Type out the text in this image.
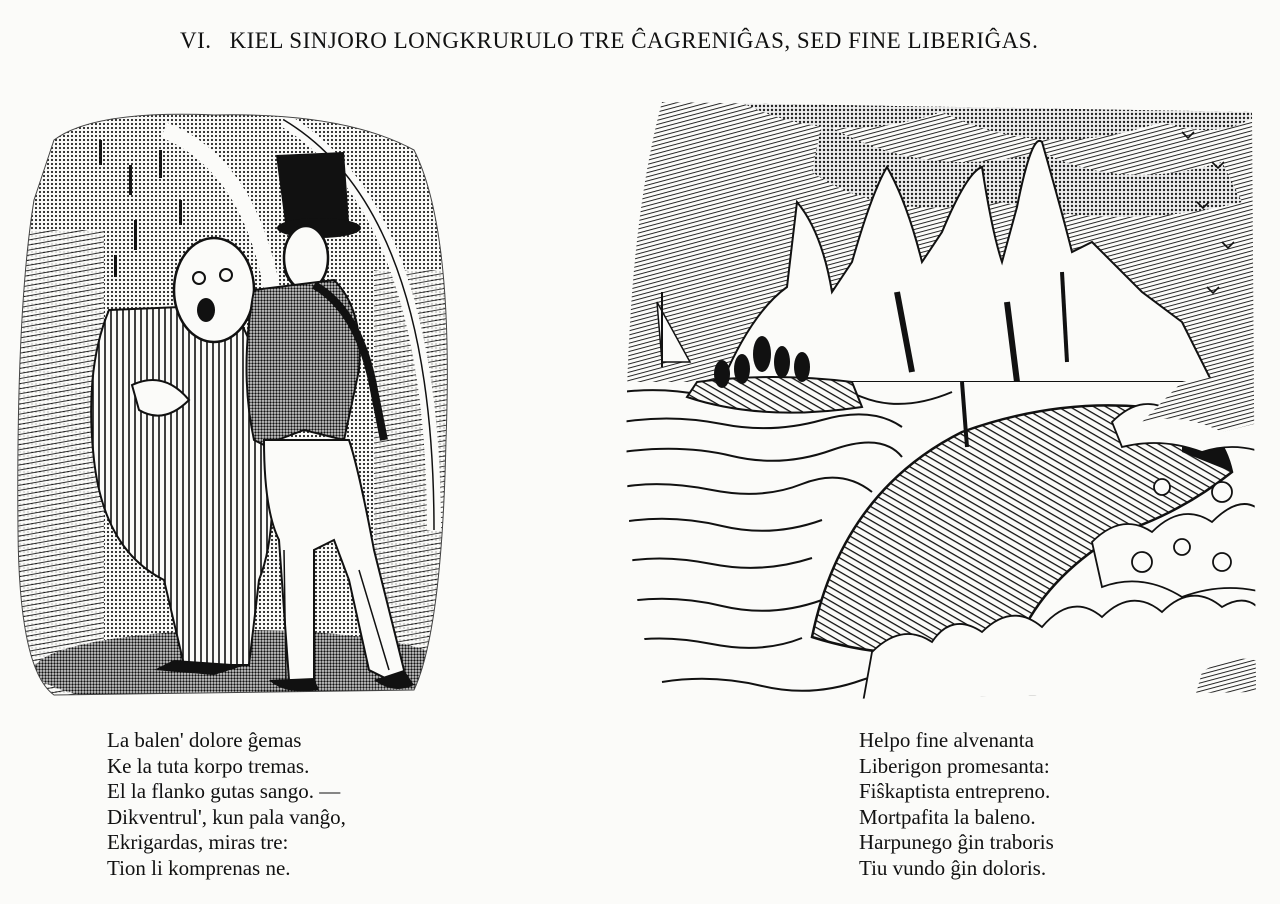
VI. KIEL SINJORO LONGKRURULO TRE ĈAGRENIĜAS, SED FINE LIBERIĜAS.
La balen' dolore ĝemas
Ke la tuta korpo tremas.
El la flanko gutas sango. —
Dikventrul', kun pala vanĝo,
Ekrigardas, miras tre:
Tion li komprenas ne.
Helpo fine alvenanta
Liberigon promesanta:
Fiŝkaptista entrepreno.
Mortpafita la baleno.
Harpunego ĝin traboris
Tiu vundo ĝin doloris.
